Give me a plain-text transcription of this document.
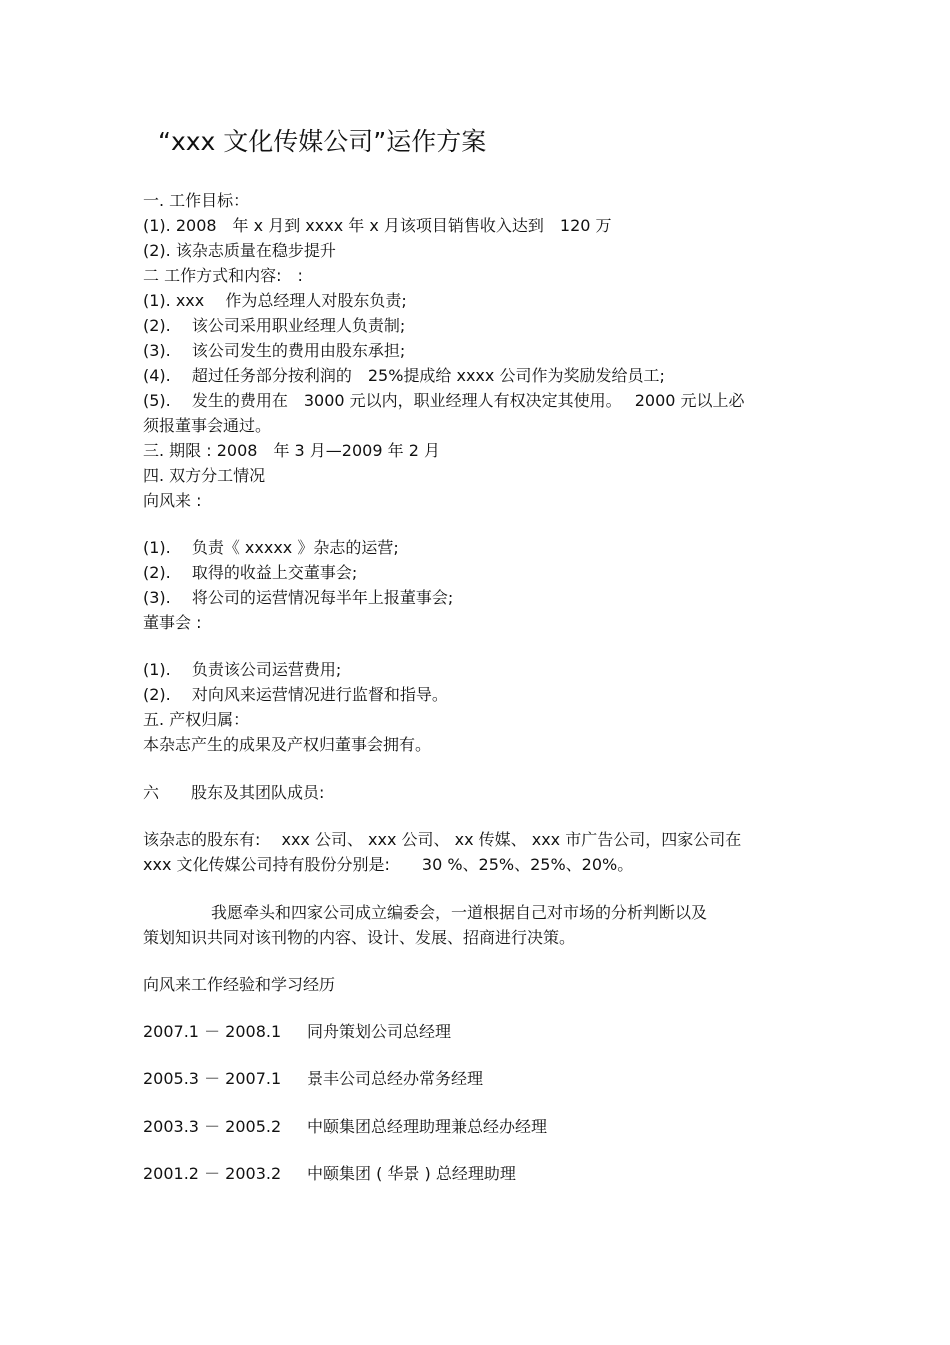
“xxx 文化传媒公司”运作方案
一. 工作目标：
(1). 2008　年 x 月到 xxxx 年 x 月该项目销售收入达到　120 万
(2). 该杂志质量在稳步提升
二 工作方式和内容:　:
(1). xxx　 作为总经理人对股东负责;
(2).　 该公司采用职业经理人负责制;
(3).　 该公司发生的费用由股东承担;
(4).　 超过任务部分按利润的　25%提成给 xxxx 公司作为奖励发给员工;
(5).　 发生的费用在　3000 元以内，职业经理人有权决定其使用。　 2000 元以上必
须报董事会通过。
三. 期限 : 2008　年 3 月—2009 年 2 月
四. 双方分工情况
向风来 :
(1).　 负责《 xxxxx 》杂志的运营;
(2).　 取得的收益上交董事会;
(3).　 将公司的运营情况每半年上报董事会;
董事会 :
(1).　 负责该公司运营费用;
(2).　 对向风来运营情况进行监督和指导。
五. 产权归属：
本杂志产生的成果及产权归董事会拥有。
六　　股东及其团队成员:
该杂志的股东有:　 xxx 公司、 xxx 公司、 xx 传媒、 xxx 市广告公司，四家公司在
xxx 文化传媒公司持有股份分别是:　　30 %、25%、25%、20%。
我愿牵头和四家公司成立编委会，一道根据自己对市场的分析判断以及
策划知识共同对该刊物的内容、设计、发展、招商进行决策。
向风来工作经验和学习经历
2007.1 － 2008.1 同舟策划公司总经理
2005.3 － 2007.1 景丰公司总经办常务经理
2003.3 － 2005.2 中颐集团总经理助理兼总经办经理
2001.2 － 2003.2 中颐集团 ( 华景 ) 总经理助理
